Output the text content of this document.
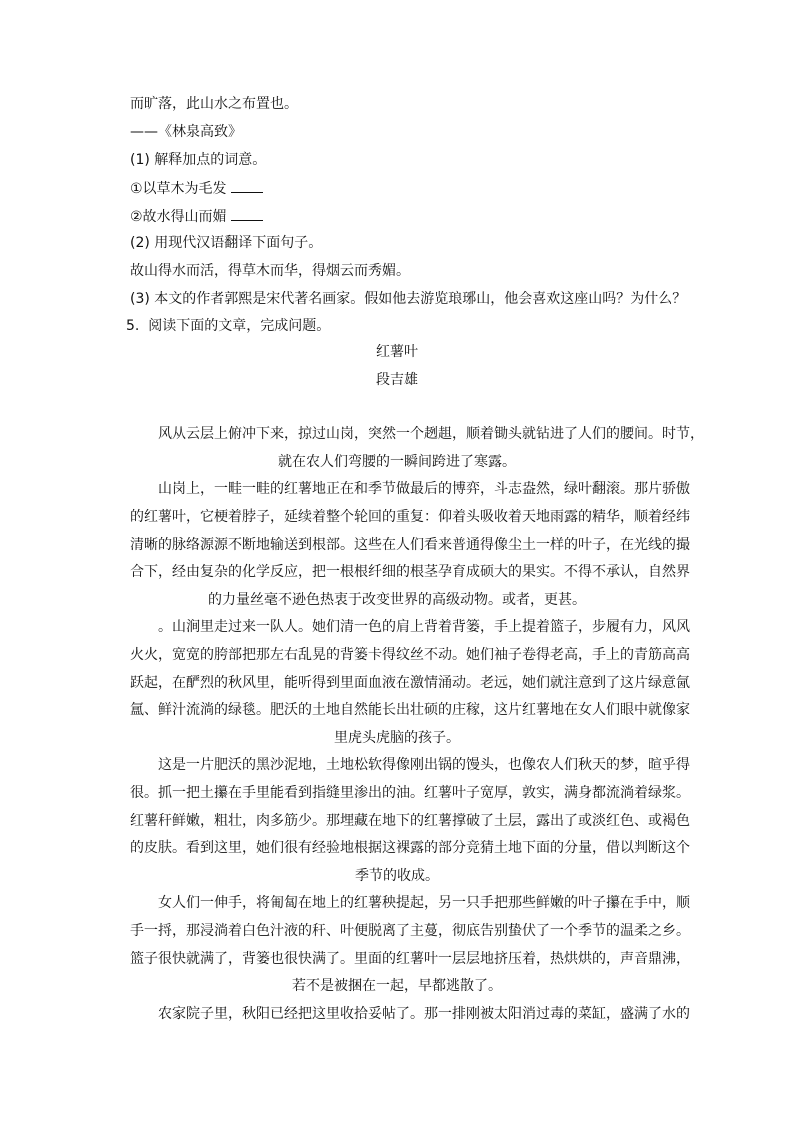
而旷落，此山水之布置也。
——《林泉高致》
(1) 解释加点的词意。
①以草木为毛发
②故水得山而媚
(2) 用现代汉语翻译下面句子。
故山得水而活，得草木而华，得烟云而秀媚。
(3) 本文的作者郭熙是宋代著名画家。假如他去游览琅琊山，他会喜欢这座山吗？为什么？
5. 阅读下面的文章，完成问题。
红薯叶
段吉雄
风从云层上俯冲下来，掠过山岗，突然一个趔趄，顺着锄头就钻进了人们的腰间。时节，
就在农人们弯腰的一瞬间跨进了寒露。
山岗上，一畦一畦的红薯地正在和季节做最后的博弈，斗志盎然，绿叶翻滚。那片骄傲
的红薯叶，它梗着脖子，延续着整个轮回的重复：仰着头吸收着天地雨露的精华，顺着经纬
清晰的脉络源源不断地输送到根部。这些在人们看来普通得像尘土一样的叶子，在光线的撮
合下，经由复杂的化学反应，把一根根纤细的根茎孕育成硕大的果实。不得不承认，自然界
的力量丝毫不逊色热衷于改变世界的高级动物。或者，更甚。
。山涧里走过来一队人。她们清一色的肩上背着背篓，手上提着篮子，步履有力，风风
火火，宽宽的胯部把那左右乱晃的背篓卡得纹丝不动。她们袖子卷得老高，手上的青筋高高
跃起，在酽烈的秋风里，能听得到里面血液在激情涌动。老远，她们就注意到了这片绿意氤
氲、鲜汁流淌的绿毯。肥沃的土地自然能长出壮硕的庄稼，这片红薯地在女人们眼中就像家
里虎头虎脑的孩子。
这是一片肥沃的黑沙泥地，土地松软得像刚出锅的馒头，也像农人们秋天的梦，暄乎得
很。抓一把土攥在手里能看到指缝里渗出的油。红薯叶子宽厚，敦实，满身都流淌着绿浆。
红薯秆鲜嫩，粗壮，肉多筋少。那埋藏在地下的红薯撑破了土层，露出了或淡红色、或褐色
的皮肤。看到这里，她们很有经验地根据这裸露的部分竞猜土地下面的分量，借以判断这个
季节的收成。
女人们一伸手，将匍匐在地上的红薯秧提起，另一只手把那些鲜嫩的叶子攥在手中，顺
手一捋，那浸淌着白色汁液的秆、叶便脱离了主蔓，彻底告别蛰伏了一个季节的温柔之乡。
篮子很快就满了，背篓也很快满了。里面的红薯叶一层层地挤压着，热烘烘的，声音鼎沸，
若不是被捆在一起，早都逃散了。
农家院子里，秋阳已经把这里收拾妥帖了。那一排刚被太阳消过毒的菜缸，盛满了水的
